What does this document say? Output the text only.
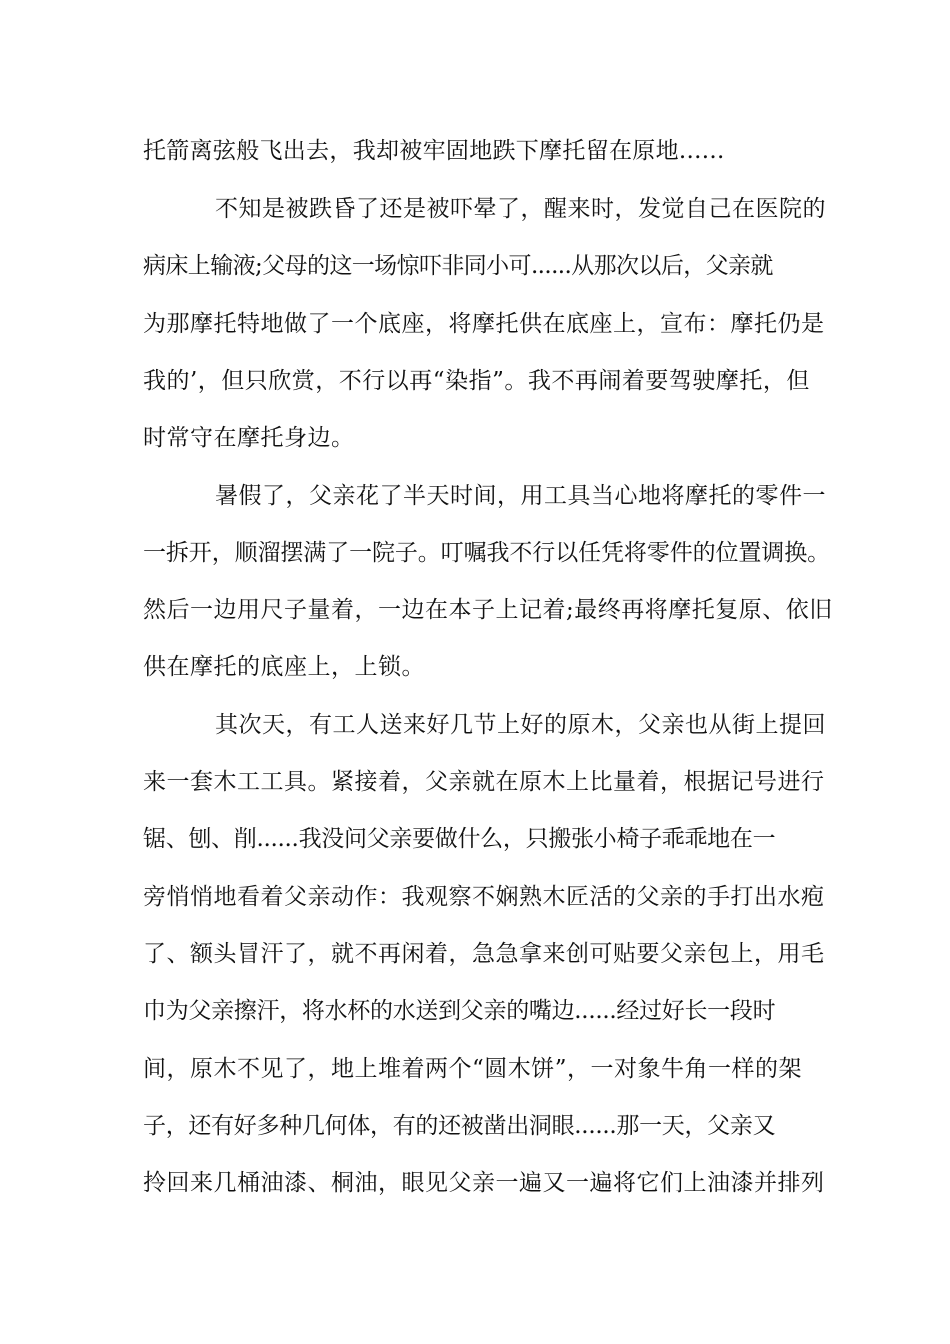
托箭离弦般飞出去，我却被牢固地跌下摩托留在原地......
不知是被跌昏了还是被吓晕了，醒来时，发觉自己在医院的
病床上输液;父母的这一场惊吓非同小可......从那次以后，父亲就
为那摩托特地做了一个底座，将摩托供在底座上，宣布：摩托仍是
我的’，但只欣赏，不行以再“染指”。我不再闹着要驾驶摩托，但
时常守在摩托身边。
暑假了，父亲花了半天时间，用工具当心地将摩托的零件一
一拆开，顺溜摆满了一院子。叮嘱我不行以任凭将零件的位置调换。
然后一边用尺子量着，一边在本子上记着;最终再将摩托复原、依旧
供在摩托的底座上，上锁。
其次天，有工人送来好几节上好的原木，父亲也从街上提回
来一套木工工具。紧接着，父亲就在原木上比量着，根据记号进行
锯、刨、削......我没问父亲要做什么，只搬张小椅子乖乖地在一
旁悄悄地看着父亲动作：我观察不娴熟木匠活的父亲的手打出水疱
了、额头冒汗了，就不再闲着，急急拿来创可贴要父亲包上，用毛
巾为父亲擦汗，将水杯的水送到父亲的嘴边......经过好长一段时
间，原木不见了，地上堆着两个“圆木饼”，一对象牛角一样的架
子，还有好多种几何体，有的还被凿出洞眼......那一天，父亲又
拎回来几桶油漆、桐油，眼见父亲一遍又一遍将它们上油漆并排列
